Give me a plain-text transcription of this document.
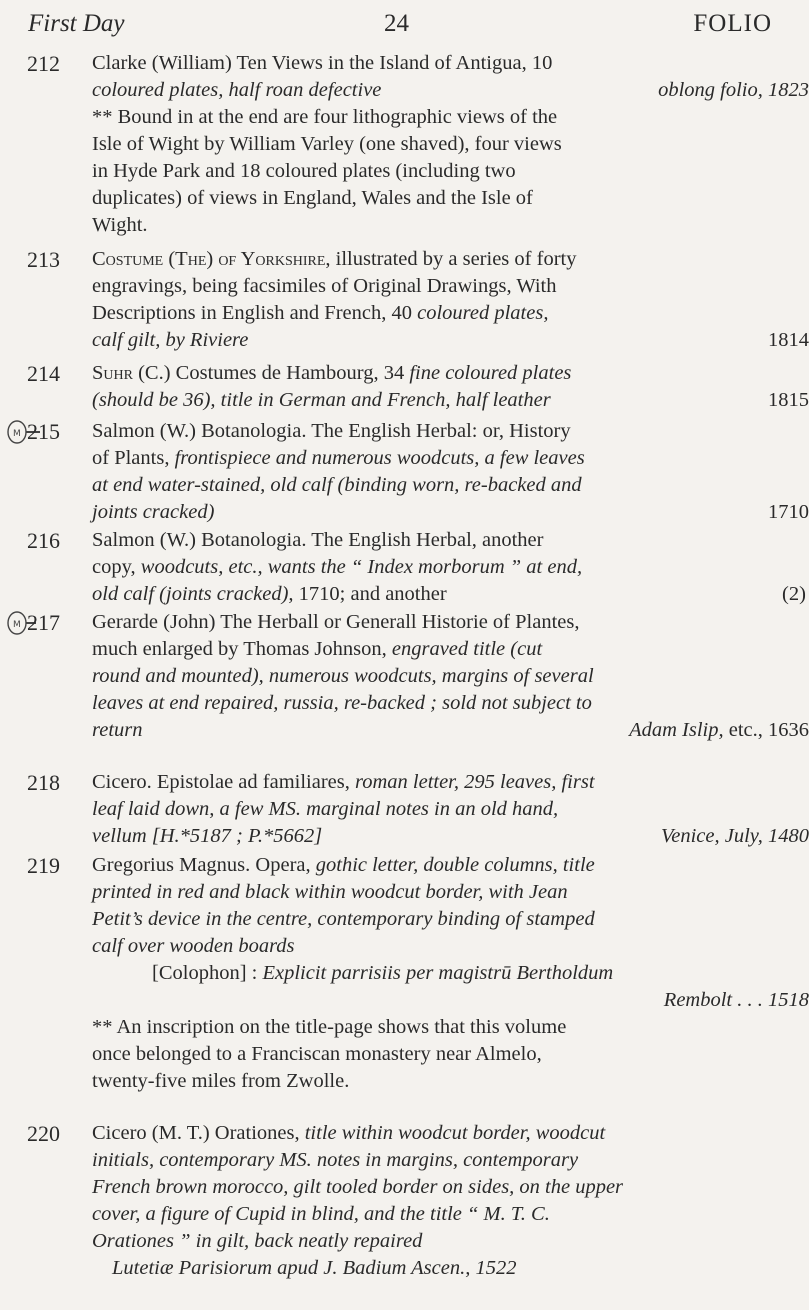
First Day	24	FOLIO
212	Clarke (William) Ten Views in the Island of Antigua, 10
coloured plates, half roan defective	oblong folio, 1823
** Bound in at the end are four lithographic views of the
Isle of Wight by William Varley (one shaved), four views
in Hyde Park and 18 coloured plates (including two
duplicates) of views in England, Wales and the Isle of
Wight.
213	Costume (The) of Yorkshire, illustrated by a series of forty
engravings, being facsimiles of Original Drawings, With
Descriptions in English and French, 40 coloured plates,
calf gilt, by Riviere	1814
214	Suhr (C.) Costumes de Hambourg, 34 fine coloured plates
(should be 36), title in German and French, half leather	1815
M 215	Salmon (W.) Botanologia. The English Herbal: or, History
of Plants, frontispiece and numerous woodcuts, a few leaves
at end water-stained, old calf (binding worn, re-backed and
joints cracked)	1710
216	Salmon (W.) Botanologia. The English Herbal, another
copy, woodcuts, etc., wants the “ Index morborum ” at end,
old calf (joints cracked), 1710; and another	(2)
M 217	Gerarde (John) The Herball or Generall Historie of Plantes,
much enlarged by Thomas Johnson, engraved title (cut
round and mounted), numerous woodcuts, margins of several
leaves at end repaired, russia, re-backed ; sold not subject to
return	Adam Islip, etc., 1636
218	Cicero. Epistolae ad familiares, roman letter, 295 leaves, first
leaf laid down, a few MS. marginal notes in an old hand,
vellum [H.*5187 ; P.*5662]	Venice, July, 1480
219	Gregorius Magnus. Opera, gothic letter, double columns, title
printed in red and black within woodcut border, with Jean
Petit’s device in the centre, contemporary binding of stamped
calf over wooden boards
[Colophon] : Explicit parrisiis per magistrū Bertholdum
Rembolt . . . 1518
** An inscription on the title-page shows that this volume
once belonged to a Franciscan monastery near Almelo,
twenty-five miles from Zwolle.
220	Cicero (M. T.) Orationes, title within woodcut border, woodcut
initials, contemporary MS. notes in margins, contemporary
French brown morocco, gilt tooled border on sides, on the upper
cover, a figure of Cupid in blind, and the title “ M. T. C.
Orationes ” in gilt, back neatly repaired
Lutetiæ Parisiorum apud J. Badium Ascen., 1522
